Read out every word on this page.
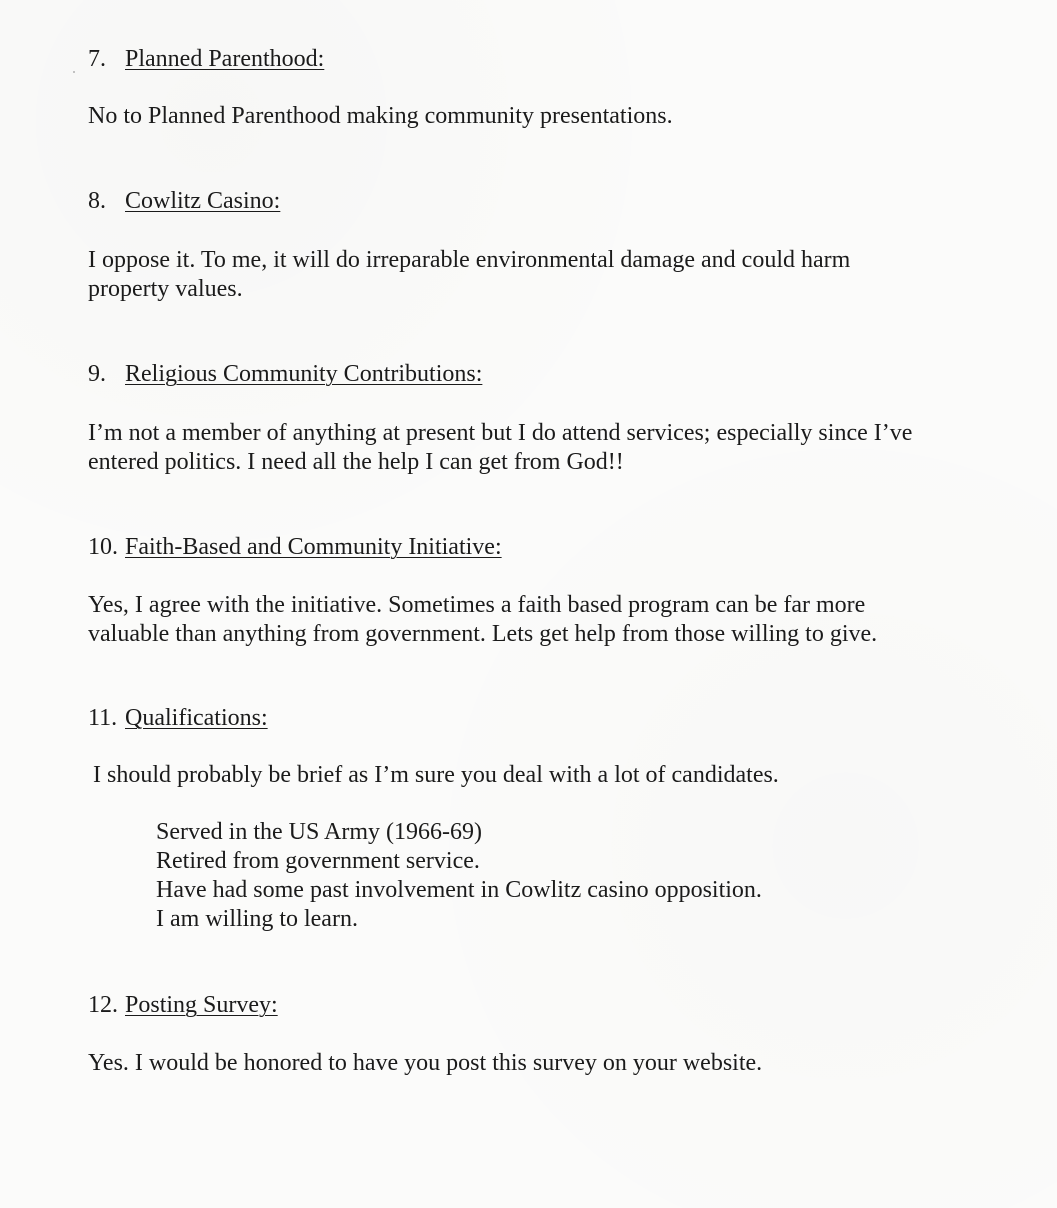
7. Planned Parenthood:

No to Planned Parenthood making community presentations.

8. Cowlitz Casino:

I oppose it. To me, it will do irreparable environmental damage and could harm
property values.

9. Religious Community Contributions:

I’m not a member of anything at present but I do attend services; especially since I’ve
entered politics. I need all the help I can get from God!!

10. Faith-Based and Community Initiative:

Yes, I agree with the initiative. Sometimes a faith based program can be far more
valuable than anything from government. Lets get help from those willing to give.

11. Qualifications:

I should probably be brief as I’m sure you deal with a lot of candidates.

Served in the US Army (1966-69)
Retired from government service.
Have had some past involvement in Cowlitz casino opposition.
I am willing to learn.
12. Posting Survey:

Yes. I would be honored to have you post this survey on your website.
